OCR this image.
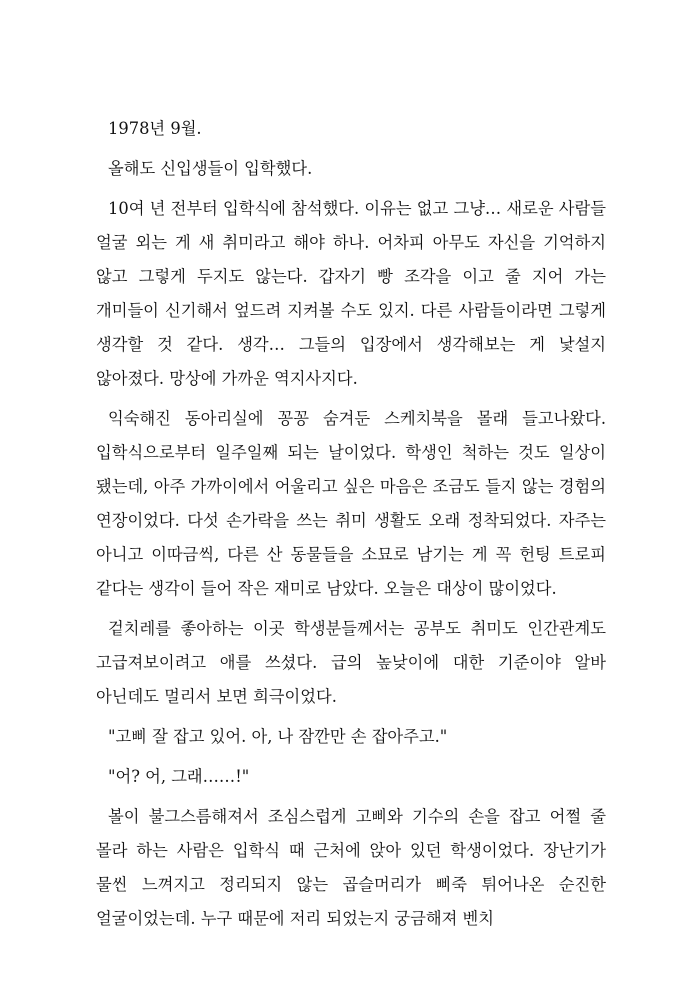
1978년 9월.

올해도 신입생들이 입학했다.

10여 년 전부터 입학식에 참석했다. 이유는 없고 그냥… 새로운 사람들 얼굴 외는 게 새 취미라고 해야 하나. 어차피 아무도 자신을 기억하지 않고 그렇게 두지도 않는다. 갑자기 빵 조각을 이고 줄 지어 가는 개미들이 신기해서 엎드려 지켜볼 수도 있지. 다른 사람들이라면 그렇게 생각할 것 같다. 생각… 그들의 입장에서 생각해보는 게 낯설지 않아졌다. 망상에 가까운 역지사지다.

익숙해진 동아리실에 꽁꽁 숨겨둔 스케치북을 몰래 들고나왔다. 입학식으로부터 일주일째 되는 날이었다. 학생인 척하는 것도 일상이 됐는데, 아주 가까이에서 어울리고 싶은 마음은 조금도 들지 않는 경험의 연장이었다. 다섯 손가락을 쓰는 취미 생활도 오래 정착되었다. 자주는 아니고 이따금씩, 다른 산 동물들을 소묘로 남기는 게 꼭 헌팅 트로피 같다는 생각이 들어 작은 재미로 남았다. 오늘은 대상이 많이었다.

겉치레를 좋아하는 이곳 학생분들께서는 공부도 취미도 인간관계도 고급져보이려고 애를 쓰셨다. 급의 높낮이에 대한 기준이야 알바 아닌데도 멀리서 보면 희극이었다.

"고삐 잘 잡고 있어. 아, 나 잠깐만 손 잡아주고."

"어? 어, 그래……!"

볼이 불그스름해져서 조심스럽게 고삐와 기수의 손을 잡고 어쩔 줄 몰라 하는 사람은 입학식 때 근처에 앉아 있던 학생이었다. 장난기가 물씬 느껴지고 정리되지 않는 곱슬머리가 삐죽 튀어나온 순진한 얼굴이었는데. 누구 때문에 저리 되었는지 궁금해져 벤치
